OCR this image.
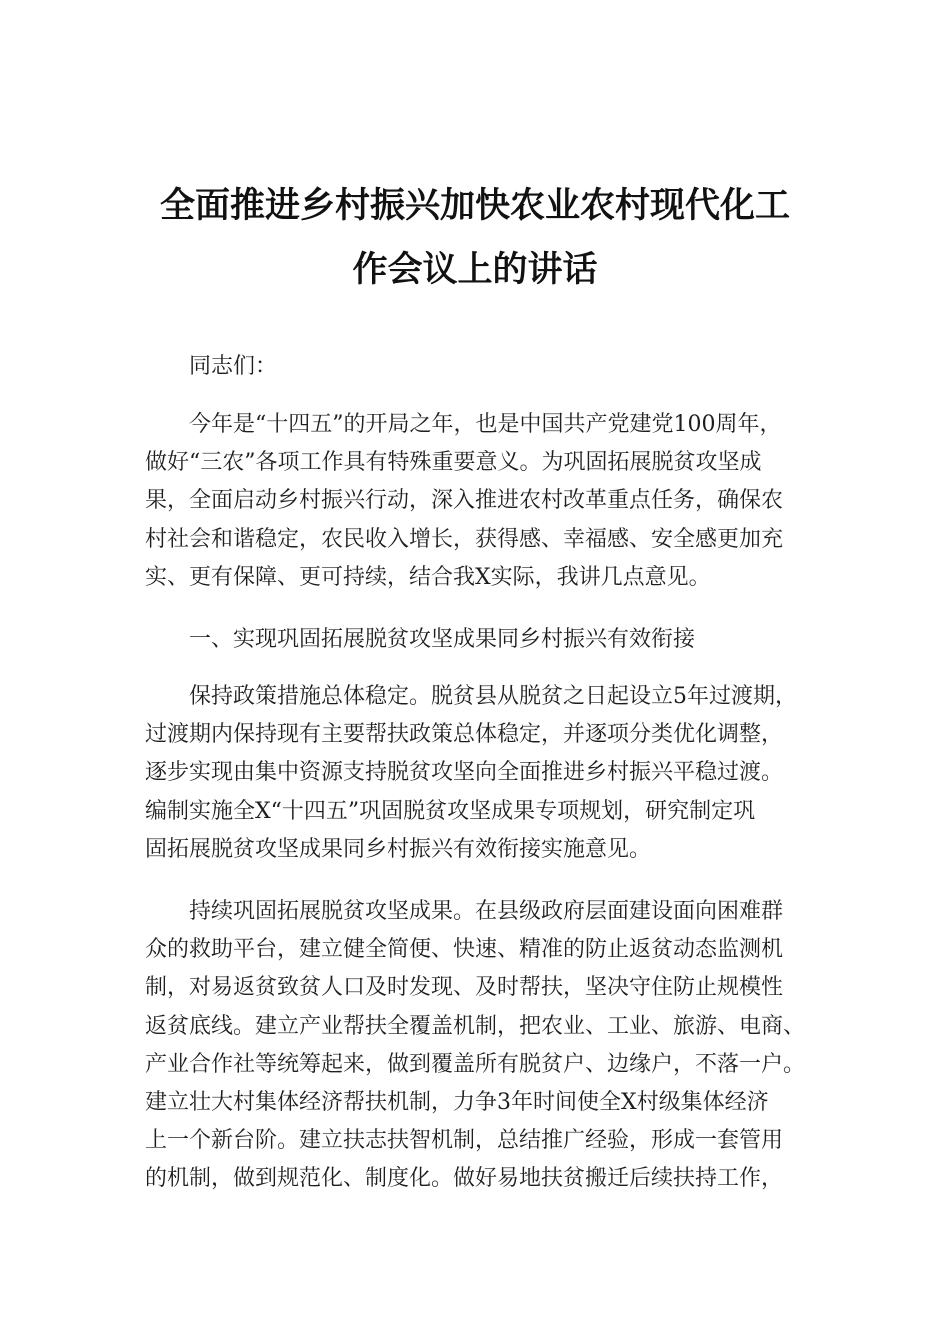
全面推进乡村振兴加快农业农村现代化工
作会议上的讲话

同志们：

今年是“十四五”的开局之年，也是中国共产党建党100周年，
做好“三农”各项工作具有特殊重要意义。为巩固拓展脱贫攻坚成
果，全面启动乡村振兴行动，深入推进农村改革重点任务，确保农
村社会和谐稳定，农民收入增长，获得感、幸福感、安全感更加充
实、更有保障、更可持续，结合我X实际，我讲几点意见。

一、实现巩固拓展脱贫攻坚成果同乡村振兴有效衔接

保持政策措施总体稳定。脱贫县从脱贫之日起设立5年过渡期，
过渡期内保持现有主要帮扶政策总体稳定，并逐项分类优化调整，
逐步实现由集中资源支持脱贫攻坚向全面推进乡村振兴平稳过渡。
编制实施全X“十四五”巩固脱贫攻坚成果专项规划，研究制定巩
固拓展脱贫攻坚成果同乡村振兴有效衔接实施意见。
持续巩固拓展脱贫攻坚成果。在县级政府层面建设面向困难群
众的救助平台，建立健全简便、快速、精准的防止返贫动态监测机
制，对易返贫致贫人口及时发现、及时帮扶，坚决守住防止规模性
返贫底线。建立产业帮扶全覆盖机制，把农业、工业、旅游、电商、
产业合作社等统筹起来，做到覆盖所有脱贫户、边缘户，不落一户。
建立壮大村集体经济帮扶机制，力争3年时间使全X村级集体经济
上一个新台阶。建立扶志扶智机制，总结推广经验，形成一套管用
的机制，做到规范化、制度化。做好易地扶贫搬迁后续扶持工作，
